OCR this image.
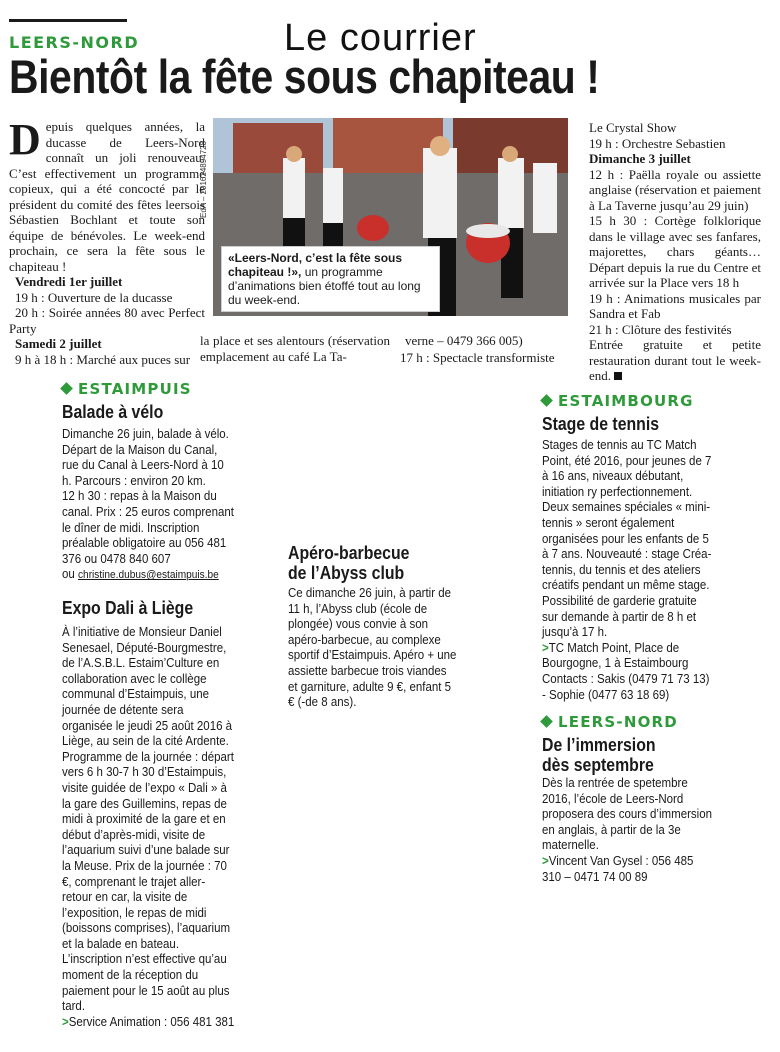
LEERS-NORD	Le courrier
Bientôt la fête sous chapiteau !
Depuis quelques années, la ducasse de Leers-Nord connaît un joli renouveau. C’est effectivement un programme copieux, qui a été concocté par le président du comité des fêtes leersois Sébastien Bochlant et toute son équipe de bénévoles. Le week-end prochain, ce sera la fête sous le chapiteau !
Vendredi 1er juillet
19 h : Ouverture de la ducasse
20 h : Soirée années 80 avec Perfect Party
Samedi 2 juillet
9 h à 18 h : Marché aux puces sur
EdA – 201624894728
«Leers-Nord, c’est la fête sous chapiteau !», un programme d’animations bien étoffé tout au long du week-end.
la place et ses alentours (réservation emplacement au café La Ta-
verne – 0479 366 005)
17 h : Spectacle transformiste
Le Crystal Show
19 h : Orchestre Sebastien
Dimanche 3 juillet
12 h : Paëlla royale ou assiette anglaise (réservation et paiement à La Taverne jusqu’au 29 juin)
15 h 30 : Cortège folklorique dans le village avec ses fanfares, majorettes, chars géants… Départ depuis la rue du Centre et arrivée sur la Place vers 18 h
19 h : Animations musicales par Sandra et Fab
21 h : Clôture des festivités
Entrée gratuite et petite restauration durant tout le week-end.
ESTAIMPUIS
Balade à vélo
Dimanche 26 juin, balade à vélo. Départ de la Maison du Canal, rue du Canal à Leers-Nord à 10 h. Parcours : environ 20 km.
12 h 30 : repas à la Maison du canal. Prix : 25 euros comprenant le dîner de midi. Inscription préalable obligatoire au 056 481 376 ou 0478 840 607
ou christine.dubus@estaimpuis.be
Expo Dali à Liège
À l’initiative de Monsieur Daniel Senesael, Député-Bourgmestre, de l’A.S.B.L. Estaim’Culture en collaboration avec le collège communal d’Estaimpuis, une journée de détente sera organisée le jeudi 25 août 2016 à Liège, au sein de la cité Ardente. Programme de la journée : départ vers 6 h 30-7 h 30 d’Estaimpuis, visite guidée de l’expo « Dali » à la gare des Guillemins, repas de midi à proximité de la gare et en début d’après-midi, visite de l’aquarium suivi d’une balade sur la Meuse. Prix de la journée : 70 €, comprenant le trajet aller-retour en car, la visite de l’exposition, le repas de midi (boissons comprises), l’aquarium et la balade en bateau. L’inscription n’est effective qu’au moment de la réception du paiement pour le 15 août au plus tard.
>Service Animation : 056 481 381
Apéro-barbecue
de l’Abyss club
Ce dimanche 26 juin, à partir de 11 h, l’Abyss club (école de plongée) vous convie à son apéro-barbecue, au complexe sportif d’Estaimpuis. Apéro + une assiette barbecue trois viandes et garniture, adulte 9 €, enfant 5 € (-de 8 ans).
ESTAIMBOURG
Stage de tennis
Stages de tennis au TC Match Point, été 2016, pour jeunes de 7 à 16 ans, niveaux débutant, initiation ry perfectionnement. Deux semaines spéciales « mini-tennis » seront également organisées pour les enfants de 5 à 7 ans. Nouveauté : stage Créa-tennis, du tennis et des ateliers créatifs pendant un même stage. Possibilité de garderie gratuite sur demande à partir de 8 h et jusqu’à 17 h.
>TC Match Point, Place de Bourgogne, 1 à Estaimbourg Contacts : Sakis (0479 71 73 13) - Sophie (0477 63 18 69)
LEERS-NORD
De l’immersion
dès septembre
Dès la rentrée de spetembre 2016, l’école de Leers-Nord proposera des cours d’immersion en anglais, à partir de la 3e maternelle.
>Vincent Van Gysel : 056 485 310 – 0471 74 00 89
